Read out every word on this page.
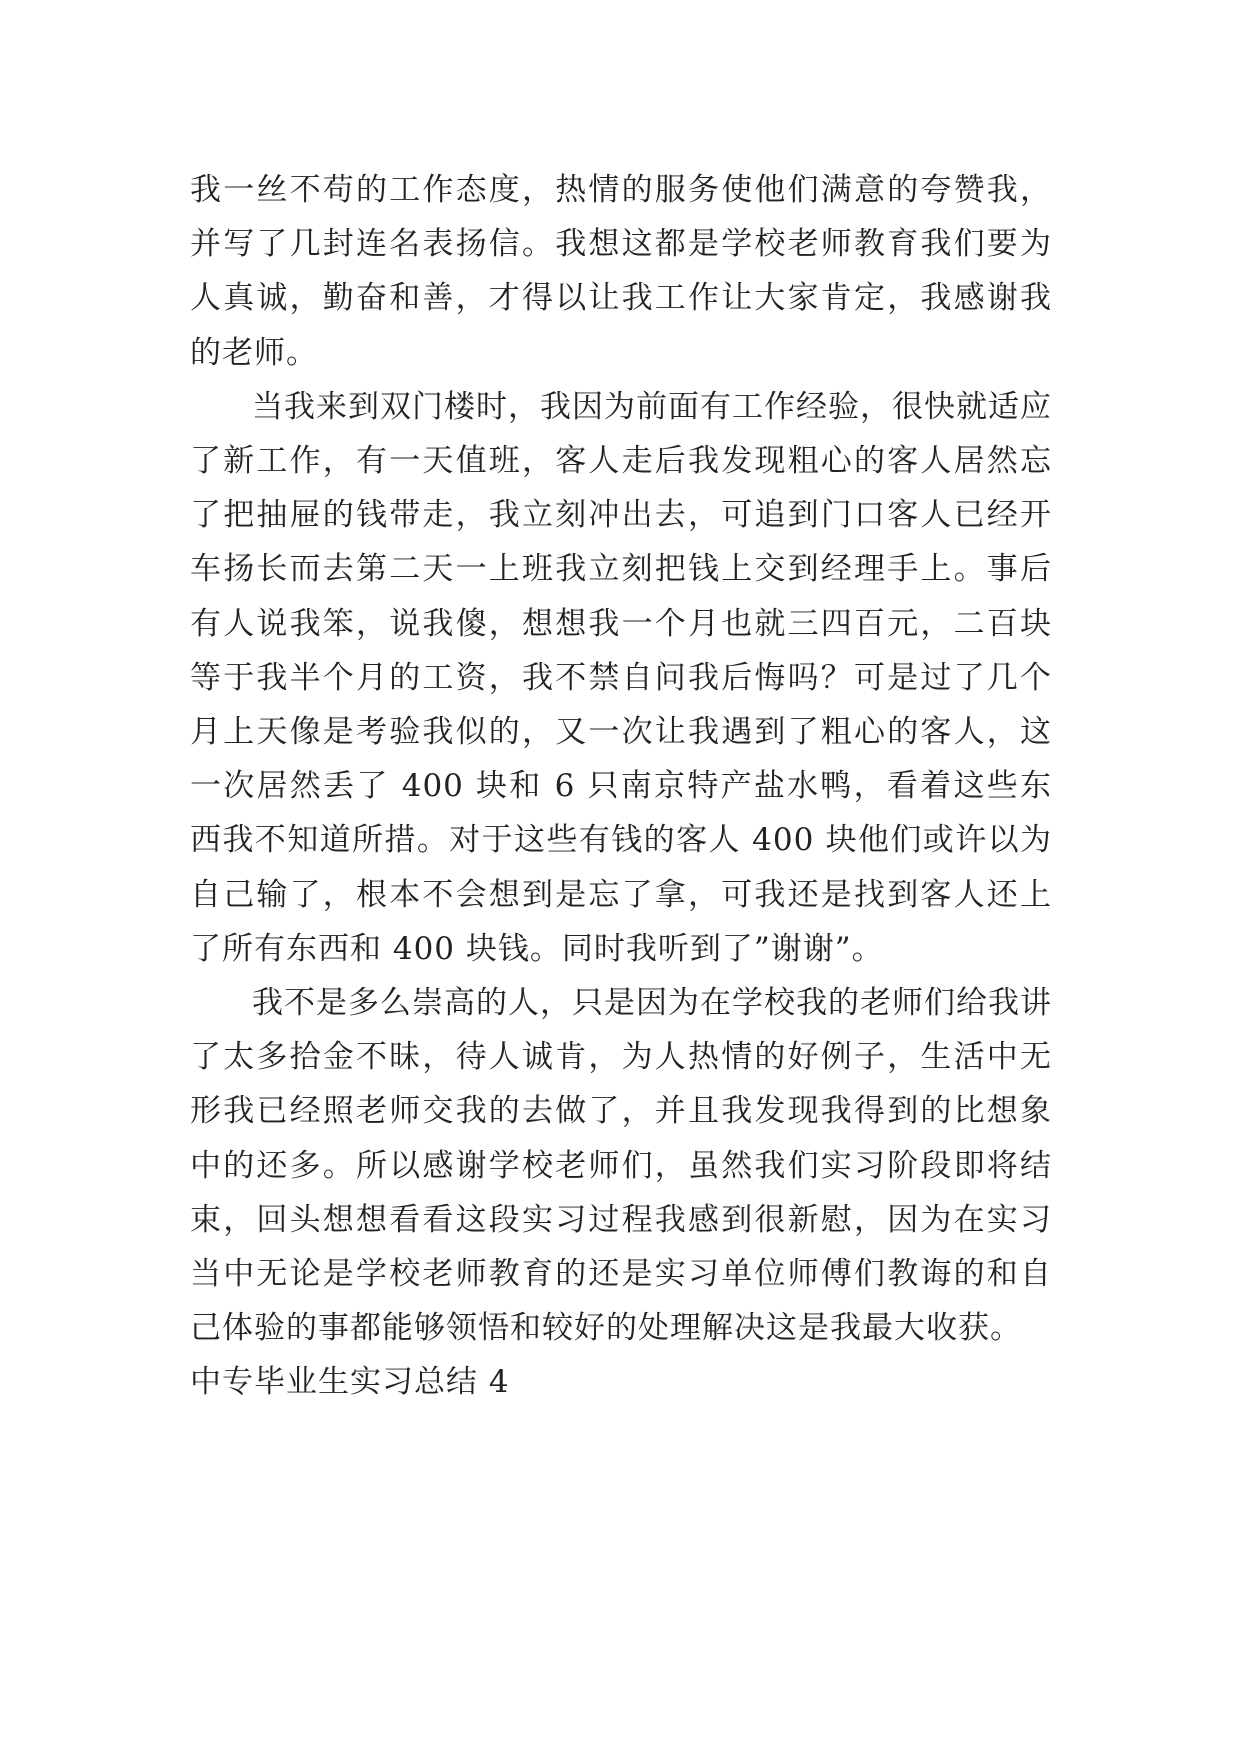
我一丝不苟的工作态度，热情的服务使他们满意的夸赞我，并写了几封连名表扬信。我想这都是学校老师教育我们要为人真诚，勤奋和善，才得以让我工作让大家肯定，我感谢我的老师。

当我来到双门楼时，我因为前面有工作经验，很快就适应了新工作，有一天值班，客人走后我发现粗心的客人居然忘了把抽屉的钱带走，我立刻冲出去，可追到门口客人已经开车扬长而去第二天一上班我立刻把钱上交到经理手上。事后有人说我笨，说我傻，想想我一个月也就三四百元，二百块等于我半个月的工资，我不禁自问我后悔吗？可是过了几个月上天像是考验我似的，又一次让我遇到了粗心的客人，这一次居然丢了 400 块和 6 只南京特产盐水鸭，看着这些东西我不知道所措。对于这些有钱的客人 400 块他们或许以为自己输了，根本不会想到是忘了拿，可我还是找到客人还上了所有东西和 400 块钱。同时我听到了”谢谢”。

我不是多么崇高的人，只是因为在学校我的老师们给我讲了太多拾金不昧，待人诚肯，为人热情的好例子，生活中无形我已经照老师交我的去做了，并且我发现我得到的比想象中的还多。所以感谢学校老师们，虽然我们实习阶段即将结束，回头想想看看这段实习过程我感到很新慰，因为在实习当中无论是学校老师教育的还是实习单位师傅们教诲的和自己体验的事都能够领悟和较好的处理解决这是我最大收获。

中专毕业生实习总结 4
